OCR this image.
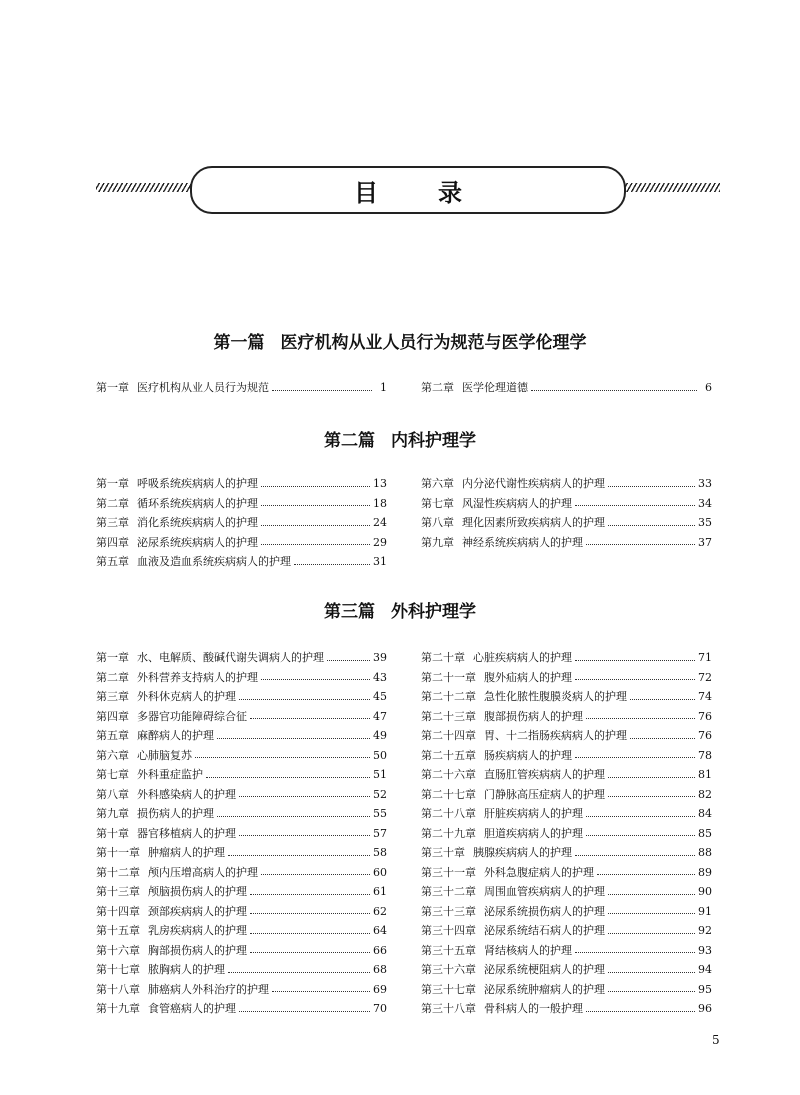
目	录
第一篇 医疗机构从业人员行为规范与医学伦理学
第一章 医疗机构从业人员行为规范	1	第二章 医学伦理道德	6
第二篇 内科护理学
第一章 呼吸系统疾病病人的护理	13
第二章 循环系统疾病病人的护理	18
第三章 消化系统疾病病人的护理	24
第四章 泌尿系统疾病病人的护理	29
第五章 血液及造血系统疾病病人的护理	31
第六章 内分泌代谢性疾病病人的护理	33
第七章 风湿性疾病病人的护理	34
第八章 理化因素所致疾病病人的护理	35
第九章 神经系统疾病病人的护理	37
第三篇 外科护理学
第一章 水、电解质、酸碱代谢失调病人的护理	39
第二章 外科营养支持病人的护理	43
第三章 外科休克病人的护理	45
第四章 多器官功能障碍综合征	47
第五章 麻醉病人的护理	49
第六章 心肺脑复苏	50
第七章 外科重症监护	51
第八章 外科感染病人的护理	52
第九章 损伤病人的护理	55
第十章 器官移植病人的护理	57
第十一章 肿瘤病人的护理	58
第十二章 颅内压增高病人的护理	60
第十三章 颅脑损伤病人的护理	61
第十四章 颈部疾病病人的护理	62
第十五章 乳房疾病病人的护理	64
第十六章 胸部损伤病人的护理	66
第十七章 脓胸病人的护理	68
第十八章 肺癌病人外科治疗的护理	69
第十九章 食管癌病人的护理	70
第二十章 心脏疾病病人的护理	71
第二十一章 腹外疝病人的护理	72
第二十二章 急性化脓性腹膜炎病人的护理	74
第二十三章 腹部损伤病人的护理	76
第二十四章 胃、十二指肠疾病病人的护理	76
第二十五章 肠疾病病人的护理	78
第二十六章 直肠肛管疾病病人的护理	81
第二十七章 门静脉高压症病人的护理	82
第二十八章 肝脏疾病病人的护理	84
第二十九章 胆道疾病病人的护理	85
第三十章 胰腺疾病病人的护理	88
第三十一章 外科急腹症病人的护理	89
第三十二章 周围血管疾病病人的护理	90
第三十三章 泌尿系统损伤病人的护理	91
第三十四章 泌尿系统结石病人的护理	92
第三十五章 肾结核病人的护理	93
第三十六章 泌尿系统梗阻病人的护理	94
第三十七章 泌尿系统肿瘤病人的护理	95
第三十八章 骨科病人的一般护理	96
5
